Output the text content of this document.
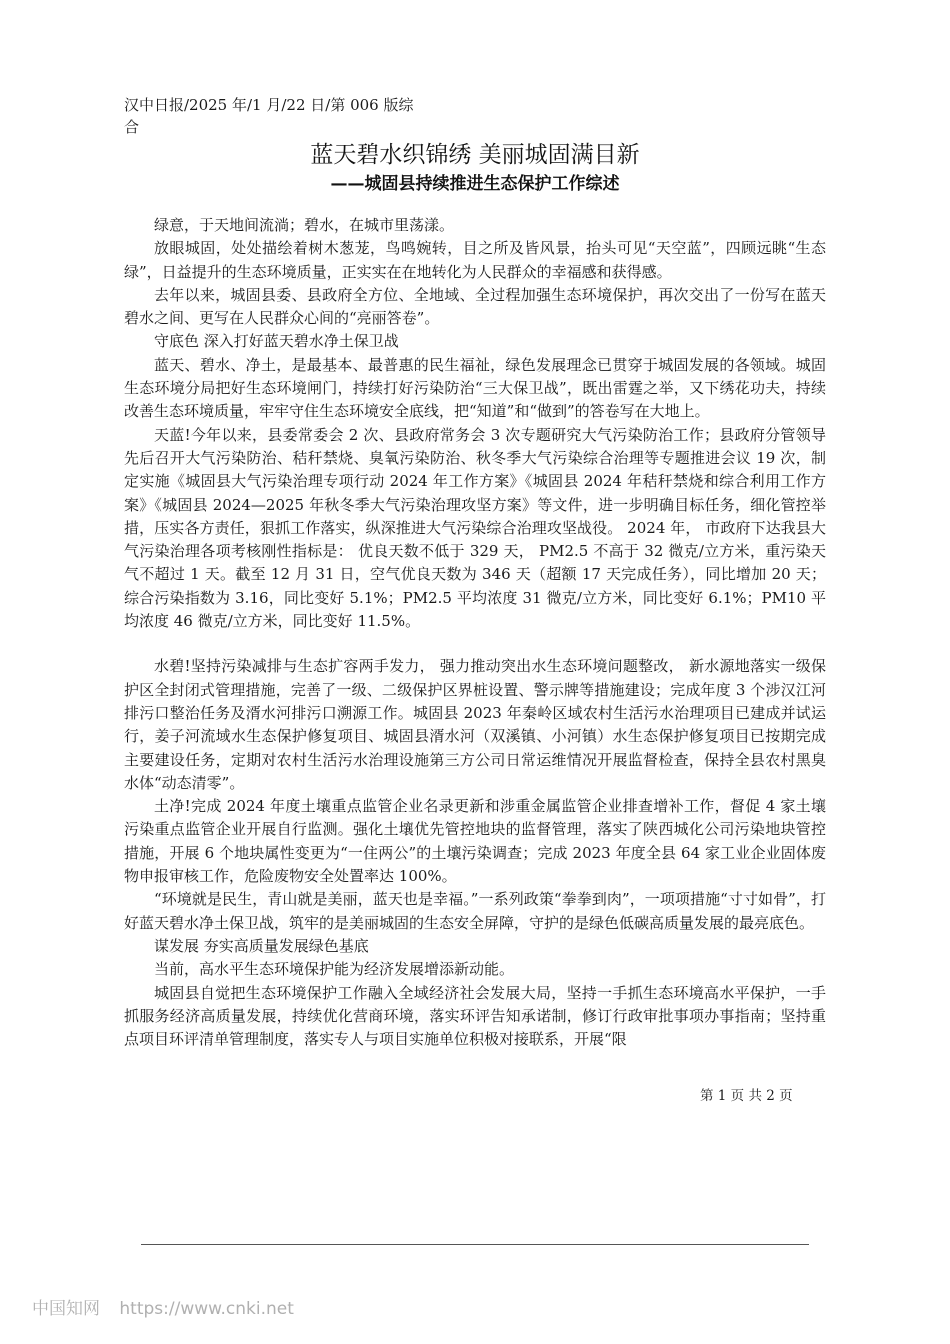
汉中日报/2025 年/1 月/22 日/第 006 版综合
蓝天碧水织锦绣 美丽城固满目新
——城固县持续推进生态保护工作综述

绿意，于天地间流淌；碧水，在城市里荡漾。

放眼城固，处处描绘着树木葱茏，鸟鸣婉转，目之所及皆风景，抬头可见“天空蓝”，四顾远眺“生态绿”，日益提升的生态环境质量，正实实在在地转化为人民群众的幸福感和获得感。

去年以来，城固县委、县政府全方位、全地域、全过程加强生态环境保护，再次交出了一份写在蓝天碧水之间、更写在人民群众心间的“亮丽答卷”。

守底色 深入打好蓝天碧水净土保卫战

蓝天、碧水、净土，是最基本、最普惠的民生福祉，绿色发展理念已贯穿于城固发展的各领域。城固生态环境分局把好生态环境闸门，持续打好污染防治“三大保卫战”，既出雷霆之举，又下绣花功夫，持续改善生态环境质量，牢牢守住生态环境安全底线，把“知道”和“做到”的答卷写在大地上。

天蓝!今年以来，县委常委会 2 次、县政府常务会 3 次专题研究大气污染防治工作；县政府分管领导先后召开大气污染防治、秸秆禁烧、臭氧污染防治、秋冬季大气污染综合治理等专题推进会议 19 次，制定实施《城固县大气污染治理专项行动 2024 年工作方案》《城固县 2024 年秸秆禁烧和综合利用工作方案》《城固县 2024—2025 年秋冬季大气污染治理攻坚方案》等文件，进一步明确目标任务，细化管控举措，压实各方责任，狠抓工作落实，纵深推进大气污染综合治理攻坚战役。 2024 年， 市政府下达我县大气污染治理各项考核刚性指标是： 优良天数不低于 329 天， PM2.5 不高于 32 微克/立方米，重污染天气不超过 1 天。截至 12 月 31 日，空气优良天数为 346 天（超额 17 天完成任务），同比增加 20 天；综合污染指数为 3.16，同比变好 5.1%；PM2.5 平均浓度 31 微克/立方米，同比变好 6.1%；PM10 平均浓度 46 微克/立方米，同比变好 11.5%。

水碧!坚持污染减排与生态扩容两手发力， 强力推动突出水生态环境问题整改， 新水源地落实一级保护区全封闭式管理措施，完善了一级、二级保护区界桩设置、警示牌等措施建设；完成年度 3 个涉汉江河排污口整治任务及湑水河排污口溯源工作。城固县 2023 年秦岭区域农村生活污水治理项目已建成并试运行，姜子河流域水生态保护修复项目、城固县湑水河（双溪镇、小河镇）水生态保护修复项目已按期完成主要建设任务，定期对农村生活污水治理设施第三方公司日常运维情况开展监督检查，保持全县农村黑臭水体“动态清零”。

土净!完成 2024 年度土壤重点监管企业名录更新和涉重金属监管企业排查增补工作，督促 4 家土壤污染重点监管企业开展自行监测。强化土壤优先管控地块的监督管理，落实了陕西城化公司污染地块管控措施，开展 6 个地块属性变更为“一住两公”的土壤污染调查；完成 2023 年度全县 64 家工业企业固体废物申报审核工作，危险废物安全处置率达 100%。

“环境就是民生，青山就是美丽，蓝天也是幸福。”一系列政策“拳拳到肉”，一项项措施“寸寸如骨”，打好蓝天碧水净土保卫战，筑牢的是美丽城固的生态安全屏障，守护的是绿色低碳高质量发展的最亮底色。

谋发展 夯实高质量发展绿色基底

当前，高水平生态环境保护能为经济发展增添新动能。

城固县自觉把生态环境保护工作融入全域经济社会发展大局，坚持一手抓生态环境高水平保护，一手抓服务经济高质量发展，持续优化营商环境，落实环评告知承诺制，修订行政审批事项办事指南；坚持重点项目环评清单管理制度，落实专人与项目实施单位积极对接联系，开展“限

第 1 页 共 2 页
中国知网 https://www.cnki.net
